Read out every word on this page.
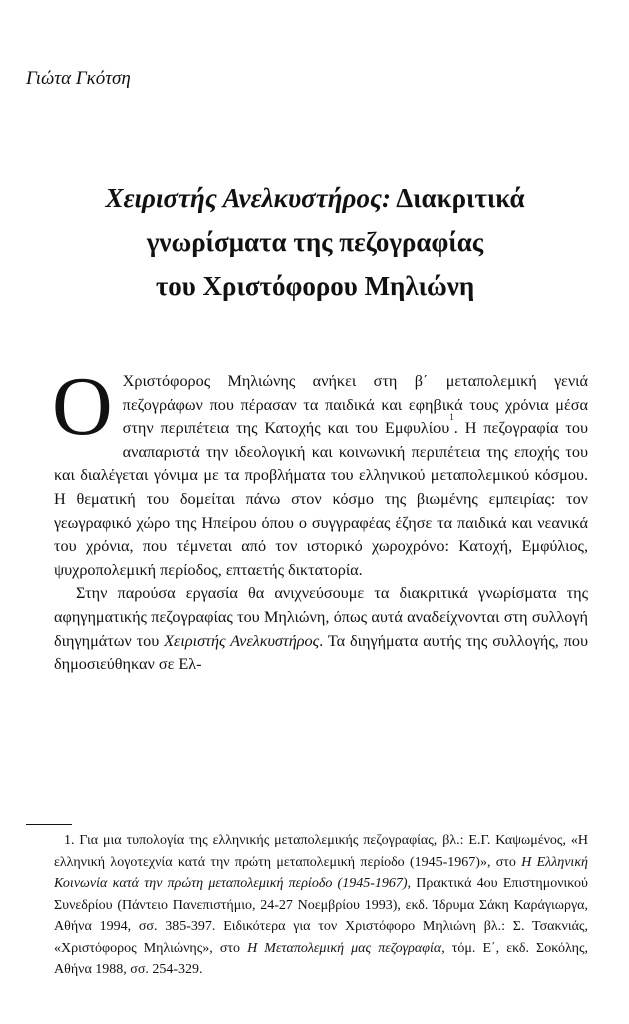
Γιώτα Γκότση
Χειριστής Ανελκυστήρος: Διακριτικά
γνωρίσματα της πεζογραφίας
του Χριστόφορου Μηλιώνη

Ο Χριστόφορος Μηλιώνης ανήκει στη β΄ μεταπολεμική γενιά πεζογράφων που πέρασαν τα παιδικά και εφηβικά τους χρόνια μέσα στην περιπέτεια της Κατοχής και του Εμφυλίου$^1$. Η πεζογραφία του αναπαριστά την ιδεολογική και κοινωνική περιπέτεια της εποχής του και διαλέγεται γόνιμα με τα προβλήματα του ελληνικού μεταπολεμικού κόσμου. Η θεματική του δομείται πάνω στον κόσμο της βιωμένης εμπειρίας: τον γεωγραφικό χώρο της Ηπείρου όπου ο συγγραφέας έζησε τα παιδικά και νεανικά του χρόνια, που τέμνεται από τον ιστορικό χωροχρόνο: Κατοχή, Εμφύλιος, ψυχροπολεμική περίοδος, επταετής δικτατορία.

Στην παρούσα εργασία θα ανιχνεύσουμε τα διακριτικά γνωρίσματα της αφηγηματικής πεζογραφίας του Μηλιώνη, όπως αυτά αναδείχνονται στη συλλογή διηγημάτων του Χειριστής Ανελκυστήρος. Τα διηγήματα αυτής της συλλογής, που δημοσιεύθηκαν σε Ελ-

1. Για μια τυπολογία της ελληνικής μεταπολεμικής πεζογραφίας, βλ.: Ε.Γ. Καψωμένος, «Η ελληνική λογοτεχνία κατά την πρώτη μεταπολεμική περίοδο (1945-1967)», στο Η Ελληνική Κοινωνία κατά την πρώτη μεταπολεμική περίοδο (1945-1967), Πρακτικά 4ου Επιστημονικού Συνεδρίου (Πάντειο Πανεπιστήμιο, 24-27 Νοεμβρίου 1993), εκδ. Ίδρυμα Σάκη Καράγιωργα, Αθήνα 1994, σσ. 385-397. Ειδικότερα για τον Χριστόφορο Μηλιώνη βλ.: Σ. Τσακνιάς, «Χριστόφορος Μηλιώνης», στο Η Μεταπολεμική μας πεζογραφία, τόμ. Ε΄, εκδ. Σοκόλης, Αθήνα 1988, σσ. 254-329.
